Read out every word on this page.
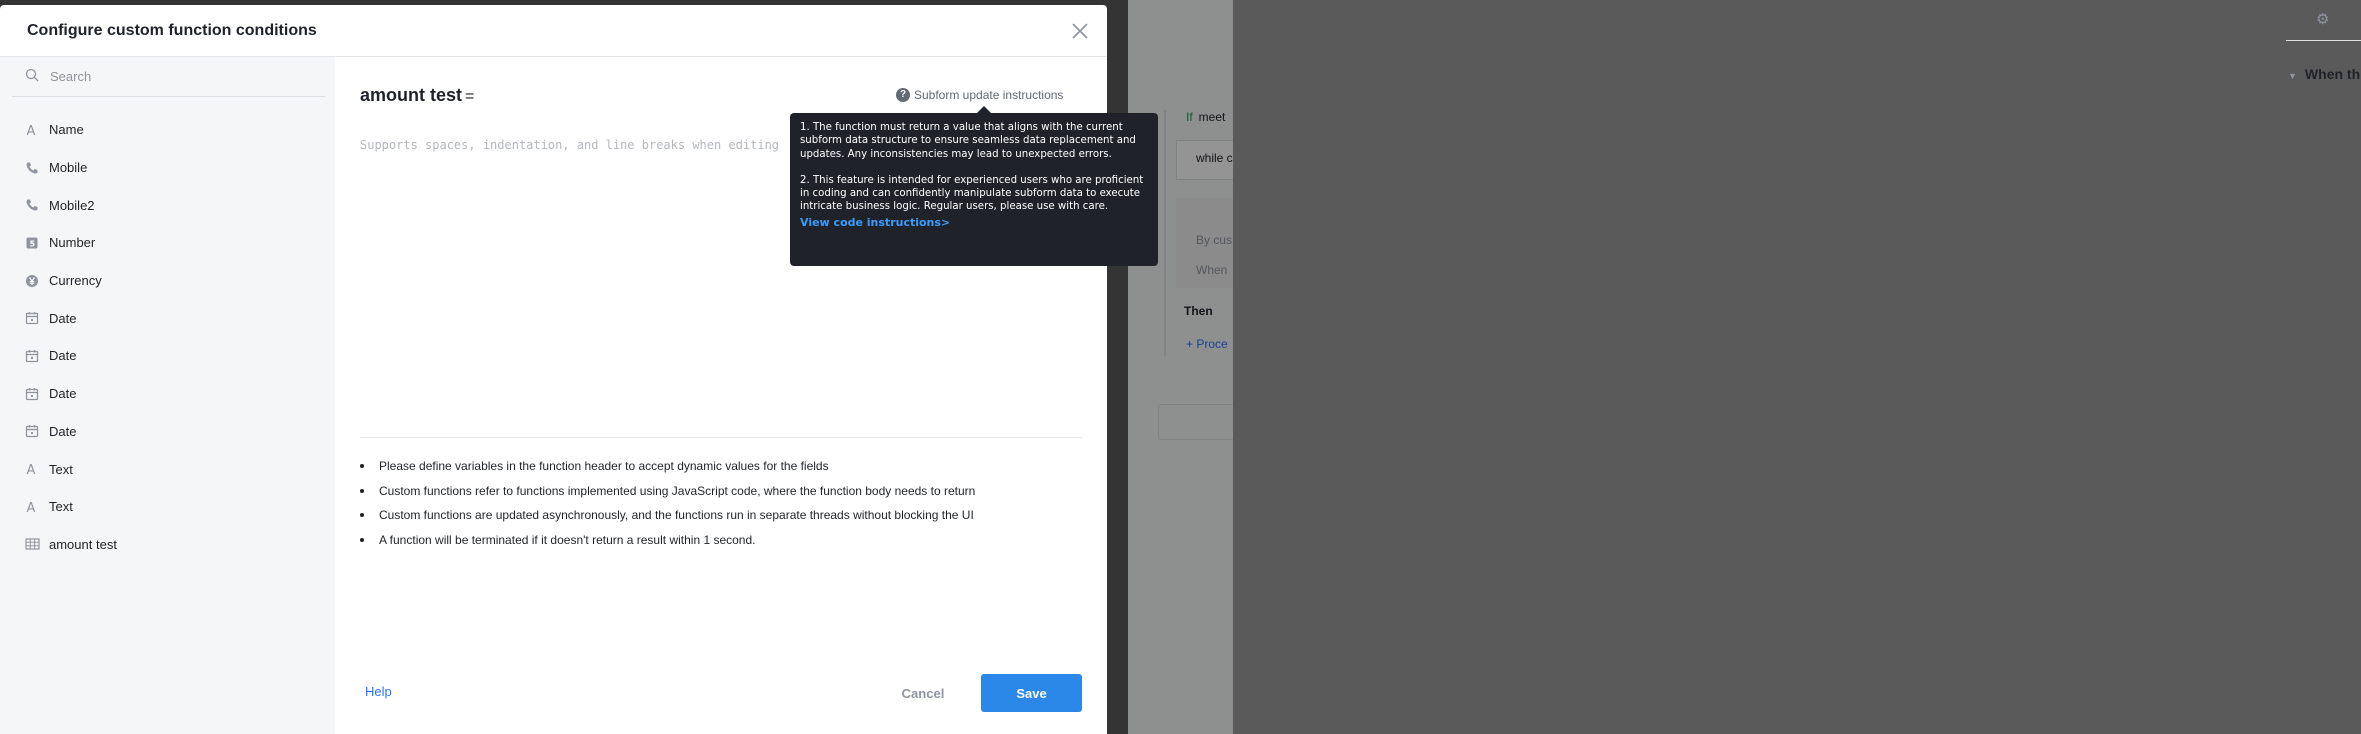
⚙
▼ When th
If meet
while c
By cus
When
Then
+ Proce
Configure custom function conditions
Search
A Name
Mobile
Mobile2
5 Number
Currency
Date
Date
Date
Date
A Text
A Text
amount test
amount test =	? Subform update instructions
Supports spaces, indentation, and line breaks when editing
Please define variables in the function header to accept dynamic values for the fields
Custom functions refer to functions implemented using JavaScript code, where the function body needs to return
Custom functions are updated asynchronously, and the functions run in separate threads without blocking the UI
A function will be terminated if it doesn't return a result within 1 second.
Help	Cancel	Save

1. The function must return a value that aligns with the current subform data structure to ensure seamless data replacement and updates. Any inconsistencies may lead to unexpected errors.

2. This feature is intended for experienced users who are proficient in coding and can confidently manipulate subform data to execute intricate business logic. Regular users, please use with care.

View code instructions>
